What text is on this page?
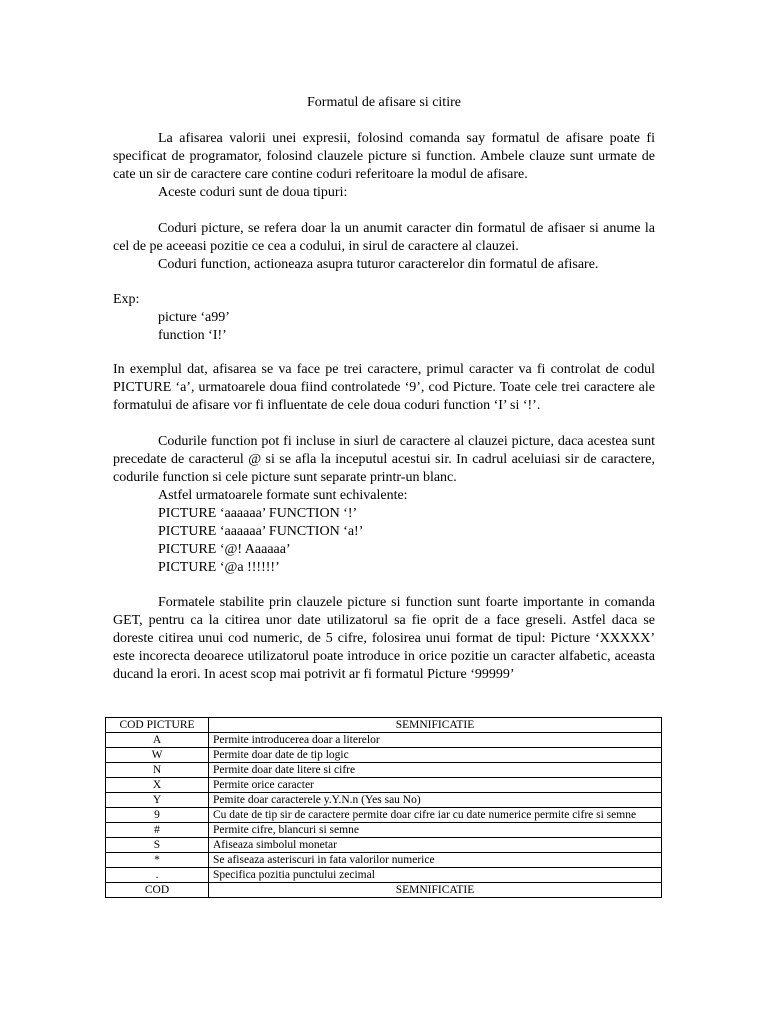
Formatul de afisare si citire

La afisarea valorii unei expresii, folosind comanda say formatul de afisare poate fi specificat de programator, folosind clauzele picture si function. Ambele clauze sunt urmate de cate un sir de caractere care contine coduri referitoare la modul de afisare.

Aceste coduri sunt de doua tipuri:

Coduri picture, se refera doar la un anumit caracter din formatul de afisaer si anume la cel de pe aceeasi pozitie ce cea a codului, in sirul de caractere al clauzei.

Coduri function, actioneaza asupra tuturor caracterelor din formatul de afisare.

Exp:

picture ‘a99’

function ‘I!’

In exemplul dat, afisarea se va face pe trei caractere, primul caracter va fi controlat de codul PICTURE ‘a’, urmatoarele doua fiind controlatede ‘9’, cod Picture. Toate cele trei caractere ale formatului de afisare vor fi influentate de cele doua coduri function ‘I’ si ‘!’.

Codurile function pot fi incluse in siurl de caractere al clauzei picture, daca acestea sunt precedate de caracterul @ si se afla la inceputul acestui sir. In cadrul aceluiasi sir de caractere, codurile function si cele picture sunt separate printr-un blanc.

Astfel urmatoarele formate sunt echivalente:

PICTURE ‘aaaaaa’ FUNCTION ‘!’

PICTURE ‘aaaaaa’ FUNCTION ‘a!’

PICTURE ‘@! Aaaaaa’

PICTURE ‘@a !!!!!!’

Formatele stabilite prin clauzele picture si function sunt foarte importante in comanda GET, pentru ca la citirea unor date utilizatorul sa fie oprit de a face greseli. Astfel daca se doreste citirea unui cod numeric, de 5 cifre, folosirea unui format de tipul: Picture ‘XXXXX’ este incorecta deoarece utilizatorul poate introduce in orice pozitie un caracter alfabetic, aceasta ducand la erori. In acest scop mai potrivit ar fi formatul Picture ‘99999’

COD PICTURE	SEMNIFICATIE
A	Permite introducerea doar a literelor
W	Permite doar date de tip logic
N	Permite doar date litere si cifre
X	Permite orice caracter
Y	Pemite doar caracterele y.Y.N.n (Yes sau No)
9	Cu date de tip sir de caractere permite doar cifre iar cu date numerice permite cifre si semne
#	Permite cifre, blancuri si semne
S	Afiseaza simbolul monetar
*	Se afiseaza asteriscuri in fata valorilor numerice
.	Specifica pozitia punctului zecimal
COD	SEMNIFICATIE
